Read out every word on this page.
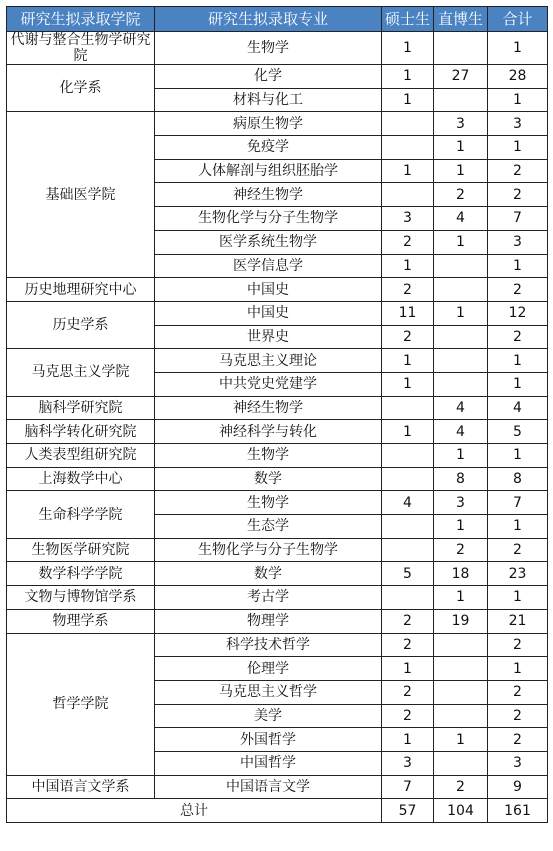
研究生拟录取学院	研究生拟录取专业	硕士生	直博生	合计
代谢与整合生物学研究院	生物学	1		1
化学系	化学	1	27	28
	材料与化工	1		1
基础医学院	病原生物学		3	3
	免疫学		1	1
	人体解剖与组织胚胎学	1	1	2
	神经生物学		2	2
	生物化学与分子生物学	3	4	7
	医学系统生物学	2	1	3
	医学信息学	1		1
历史地理研究中心	中国史	2		2
历史学系	中国史	11	1	12
	世界史	2		2
马克思主义学院	马克思主义理论	1		1
	中共党史党建学	1		1
脑科学研究院	神经生物学		4	4
脑科学转化研究院	神经科学与转化	1	4	5
人类表型组研究院	生物学		1	1
上海数学中心	数学		8	8
生命科学学院	生物学	4	3	7
	生态学		1	1
生物医学研究院	生物化学与分子生物学		2	2
数学科学学院	数学	5	18	23
文物与博物馆学系	考古学		1	1
物理学系	物理学	2	19	21
哲学学院	科学技术哲学	2		2
	伦理学	1		1
	马克思主义哲学	2		2
	美学	2		2
	外国哲学	1	1	2
	中国哲学	3		3
中国语言文学系	中国语言文学	7	2	9
总计		57	104	161
